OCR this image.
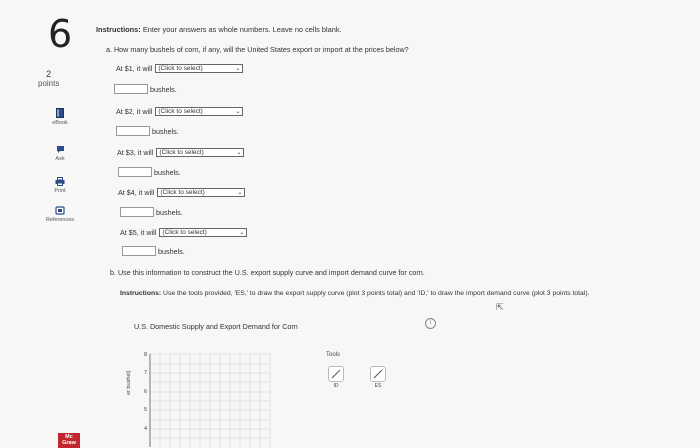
6
2
points
eBook
Ask
Print
References
Mc
Graw
Instructions: Enter your answers as whole numbers. Leave no cells blank.
a. How many bushels of corn, if any, will the United States export or import at the prices below?
At $1, it will (Click to select)	⌄
bushels.
At $2, it will (Click to select)	⌄
bushels.
At $3, it will (Click to select)	⌄
bushels.
At $4, it will (Click to select)	⌄
bushels.
At $5, it will (Click to select)	⌄
bushels.
b. Use this information to construct the U.S. export supply curve and import demand curve for corn.
Instructions: Use the tools provided, 'ES,' to draw the export supply curve (plot 3 points total) and 'ID,' to draw the import demand curve (plot 3 points total).
⇱
U.S. Domestic Supply and Export Demand for Corn	i
8
7
6
5
4
er bushel)
Tools
ID	ES
